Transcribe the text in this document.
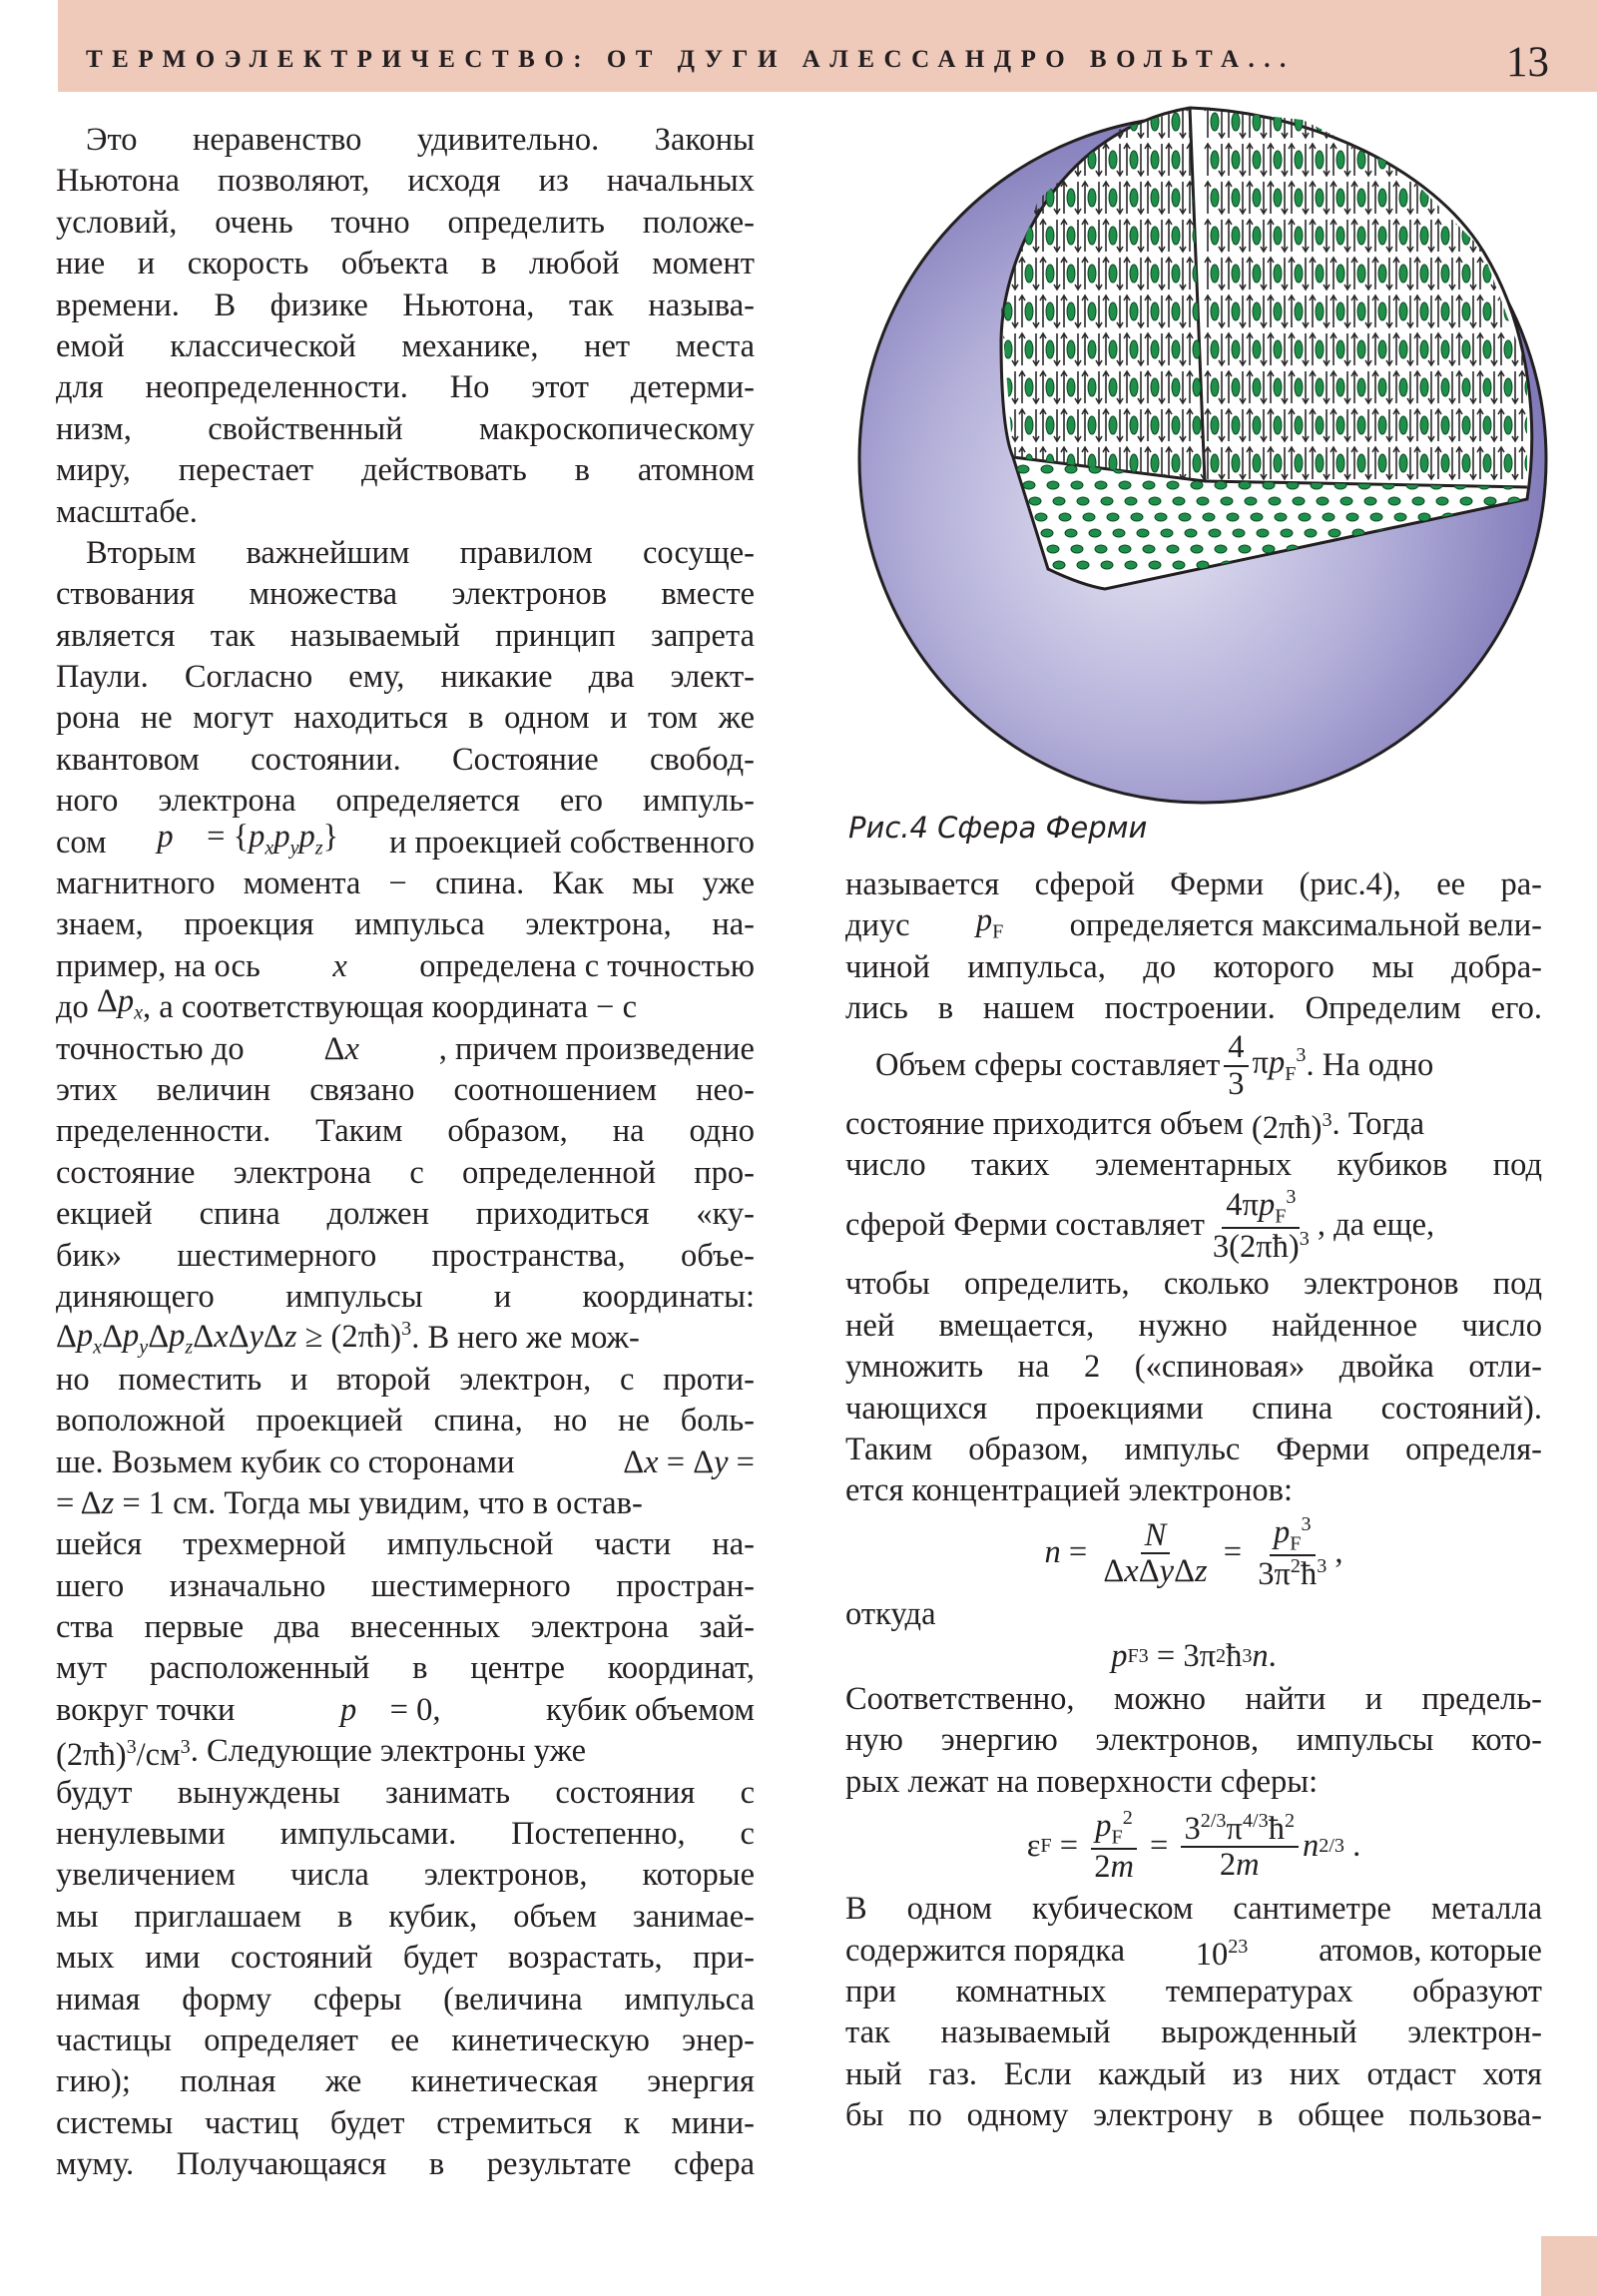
ТЕРМОЭЛЕКТРИЧЕСТВО: ОТ ДУГИ АЛЕССАНДРО ВОЛЬТА...	13
Рис.4 Сфера Ферми
Это неравенство удивительно. Законы
Ньютона позволяют, исходя из начальных
условий, очень точно определить положе-
ние и скорость объекта в любой момент
времени. В физике Ньютона, так называ-
емой классической механике, нет места
для неопределенности. Но этот детерми-
низм, свойственный макроскопическому
миру, перестает действовать в атомном
масштабе.
Вторым важнейшим правилом сосуще-
ствования множества электронов вместе
является так называемый принцип запрета
Паули. Согласно ему, никакие два элект-
рона не могут находиться в одном и том же
квантовом состоянии. Состояние свобод-
ного электрона определяется его импуль-
сом p⃗ = $\{p_xp_yp_z\}$ и проекцией собственного
магнитного момента − спина. Как мы уже
знаем, проекция импульса электрона, на-
пример, на ось x определена с точностью
до $\Delta p_x$ , а соответствующая координата − с
точностью до Δx , причем произведение
этих величин связано соотношением нео-
пределенности. Таким образом, на одно
состояние электрона с определенной про-
екцией спина должен приходиться «ку-
бик» шестимерного пространства, объе-
диняющего импульсы и координаты:
$\Delta p_x\Delta p_y\Delta p_z\Delta x\Delta y\Delta z$ ≥ (2πħ)$^3$ . В него же мож-
но поместить и второй электрон, с проти-
воположной проекцией спина, но не боль-
ше. Возьмем кубик со сторонами	Δx = Δy =
= Δz = 1 см. Тогда мы увидим, что в остав-
шейся трехмерной импульсной части на-
шего изначально шестимерного простран-
ства первые два внесенных электрона зай-
мут расположенный в центре координат,
вокруг точки	p⃗ = 0,	кубик объемом
$(2\pi ħ)^3/см^3$ . Следующие электроны уже
будут вынуждены занимать состояния с
ненулевыми импульсами. Постепенно, с
увеличением числа электронов, которые
мы приглашаем в кубик, объем занимае-
мых ими состояний будет возрастать, при-
нимая форму сферы (величина импульса
частицы определяет ее кинетическую энер-
гию); полная же кинетическая энергия
системы частиц будет стремиться к мини-
муму. Получающаяся в результате сфера
называется сферой Ферми (рис.4), ее ра-
диус $p_F$ определяется максимальной вели-
чиной импульса, до которого мы добра-
лись в нашем построении. Определим его.
Объем сферы составляет $\frac{4}{3} \pi p_F^3$ . На одно
состояние приходится объем (2πħ)$^3$ . Тогда
число таких элементарных кубиков под
сферой Ферми составляет $\frac{4\pi p_F^3}{3(2\pi ħ)^3}$ , да еще,
чтобы определить, сколько электронов под
ней вмещается, нужно найденное число
умножить на 2 («спиновая» двойка отли-
чающихся проекциями спина состояний).
Таким образом, импульс Ферми определя-
ется концентрацией электронов:
$n = \frac{N}{\text{ΔxΔyΔz}} = \frac{p_F^3}{3\pi^2ħ^3}$ ,
откуда
p F 3 = 3π 2 ħ 3 n .
Соответственно, можно найти и предель-
ную энергию электронов, импульсы кото-
рых лежат на поверхности сферы:
ε $F = \frac{p_F^2}{2m} = \frac{3^{2/3}\pi^{4/3}ħ^2}{2m}$ n 2/3 .
В одном кубическом сантиметре металла
содержится порядка $10^{23}$ атомов, которые
при комнатных температурах образуют
так называемый вырожденный электрон-
ный газ. Если каждый из них отдаст хотя
бы по одному электрону в общее пользова-
